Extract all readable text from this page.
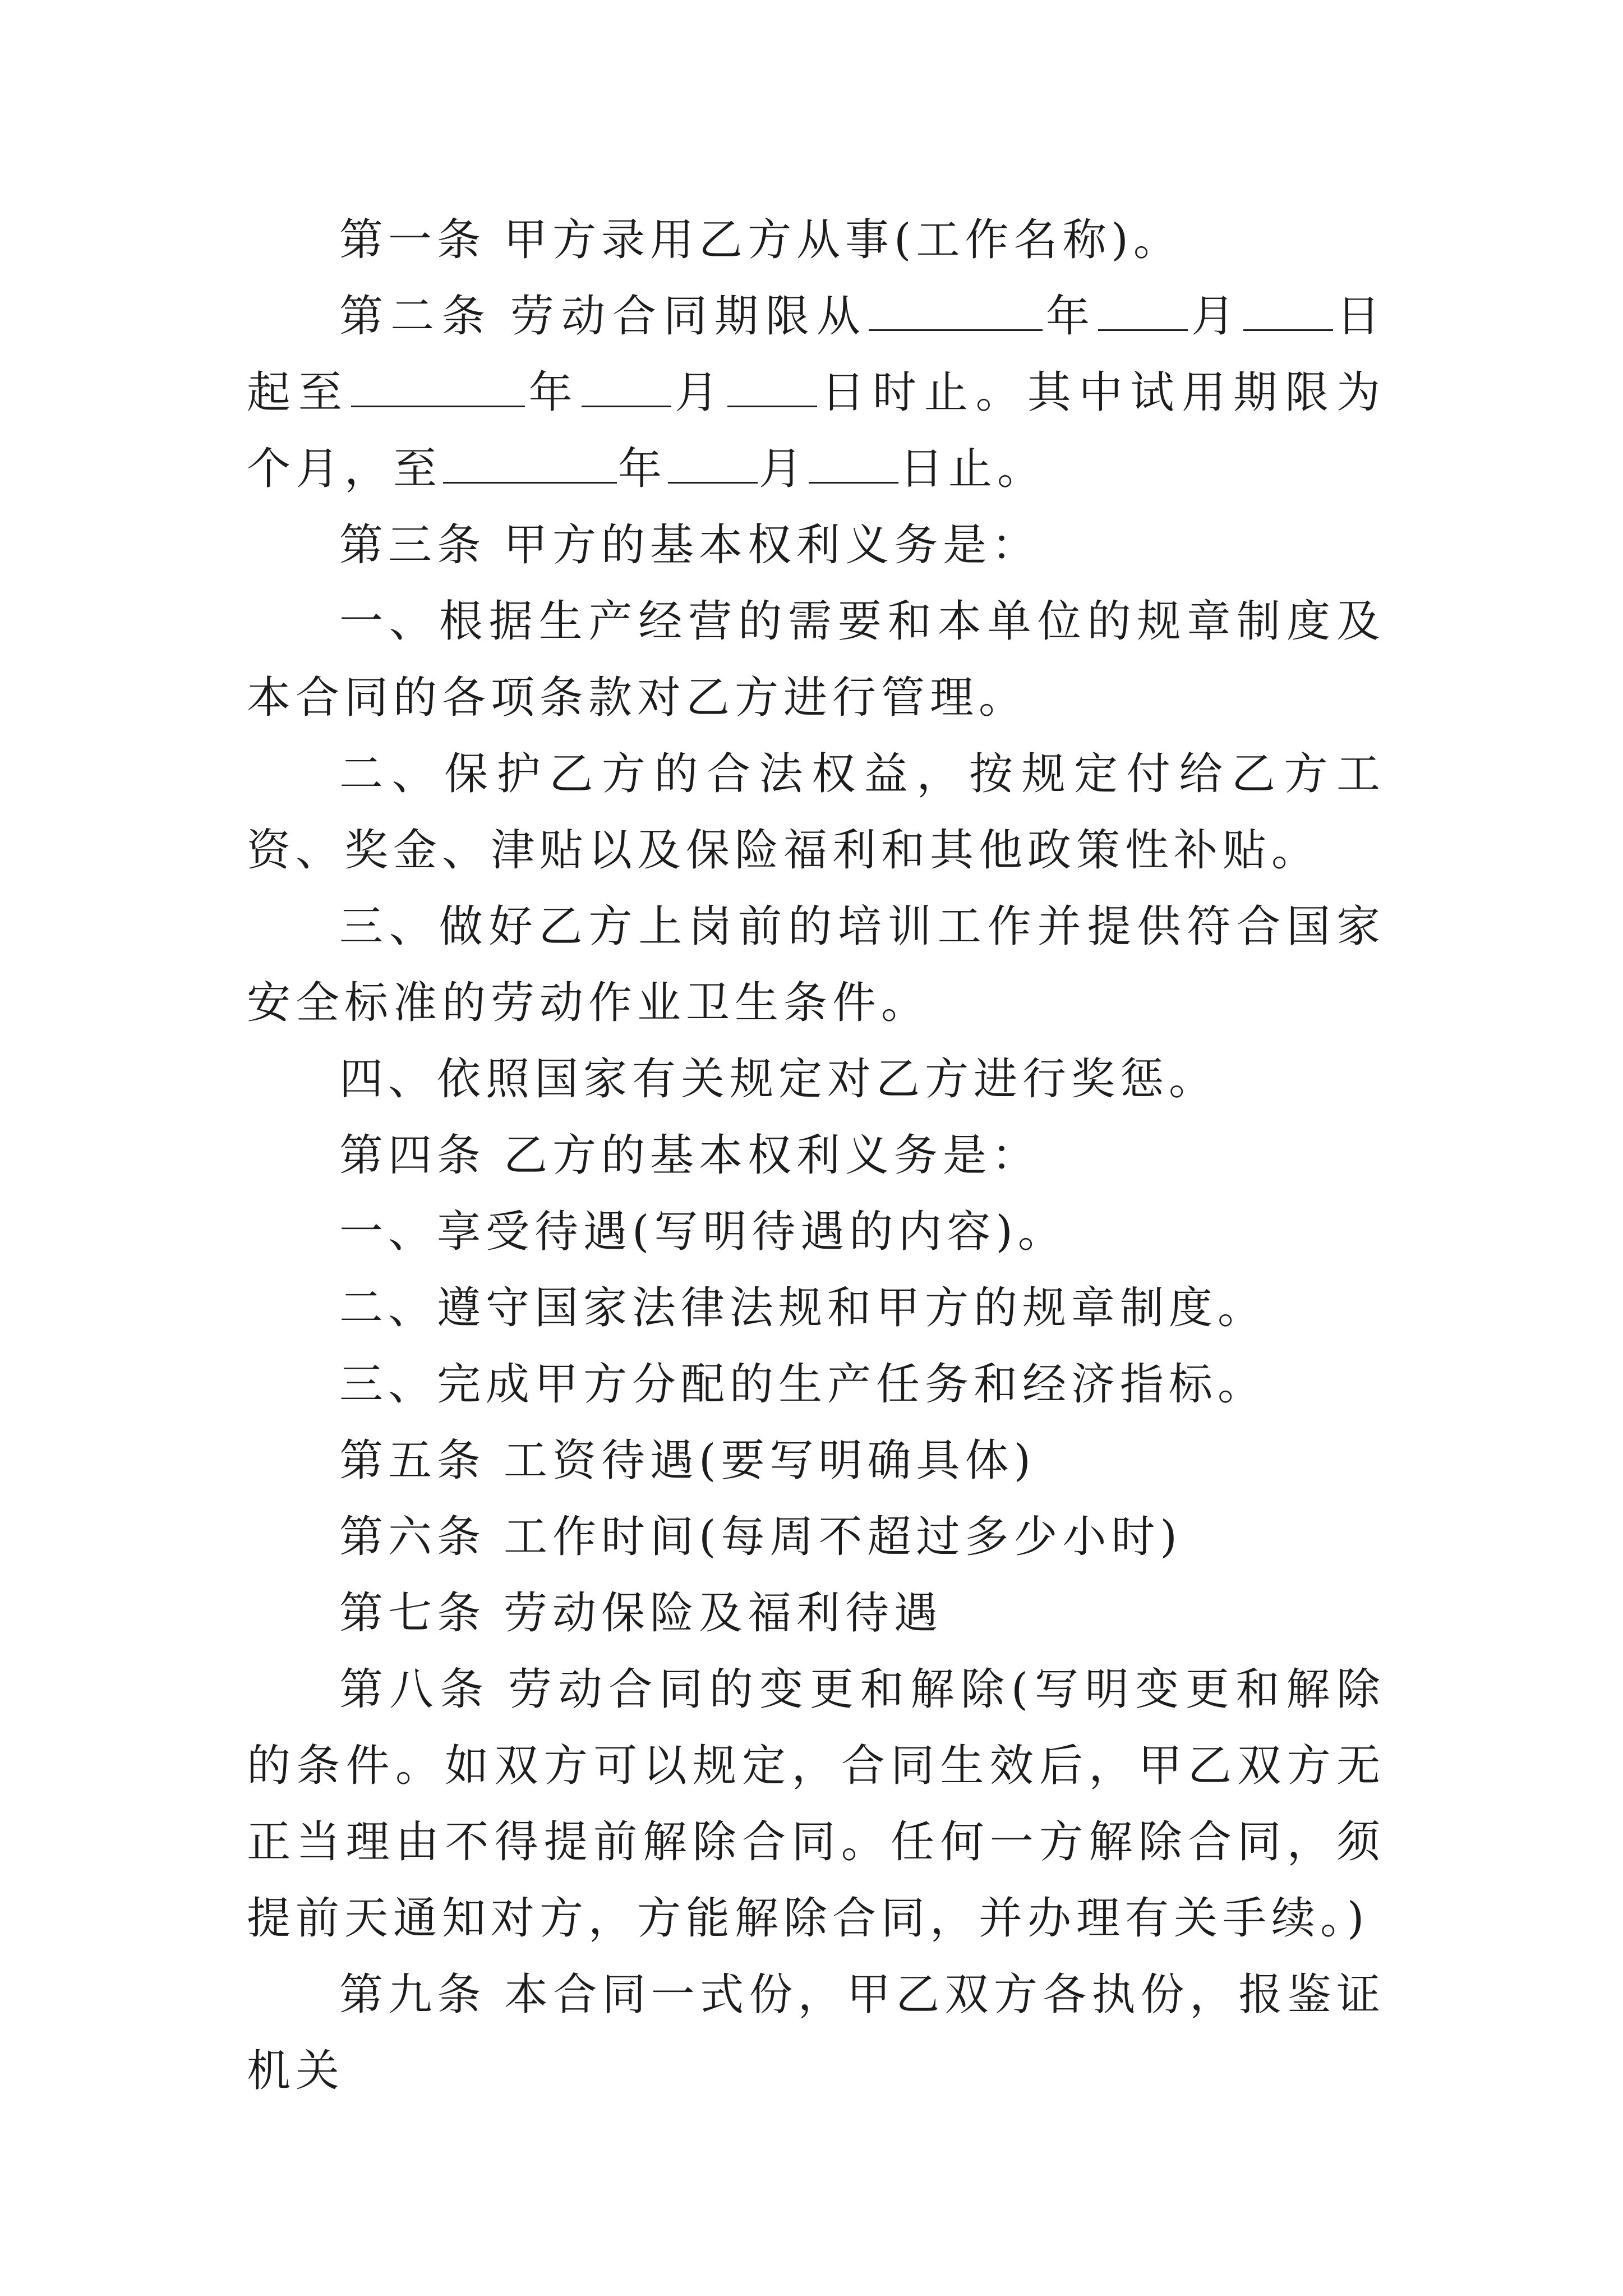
第一条 甲方录用乙方从事(工作名称)。

第二条 劳动合同期限从	年 月 日起至	年 月 日时止。其中试用期限为个月，至	年 月 日止。

第三条 甲方的基本权利义务是：

一、根据生产经营的需要和本单位的规章制度及本合同的各项条款对乙方进行管理。

二、保护乙方的合法权益，按规定付给乙方工资、奖金、津贴以及保险福利和其他政策性补贴。

三、做好乙方上岗前的培训工作并提供符合国家安全标准的劳动作业卫生条件。

四、依照国家有关规定对乙方进行奖惩。

第四条 乙方的基本权利义务是：

一、享受待遇(写明待遇的内容)。

二、遵守国家法律法规和甲方的规章制度。

三、完成甲方分配的生产任务和经济指标。

第五条 工资待遇(要写明确具体)

第六条 工作时间(每周不超过多少小时)

第七条 劳动保险及福利待遇

第八条 劳动合同的变更和解除(写明变更和解除的条件。如双方可以规定，合同生效后，甲乙双方无正当理由不得提前解除合同。任何一方解除合同，须提前天通知对方，方能解除合同，并办理有关手续。)

第九条 本合同一式份，甲乙双方各执份，报鉴证机关
